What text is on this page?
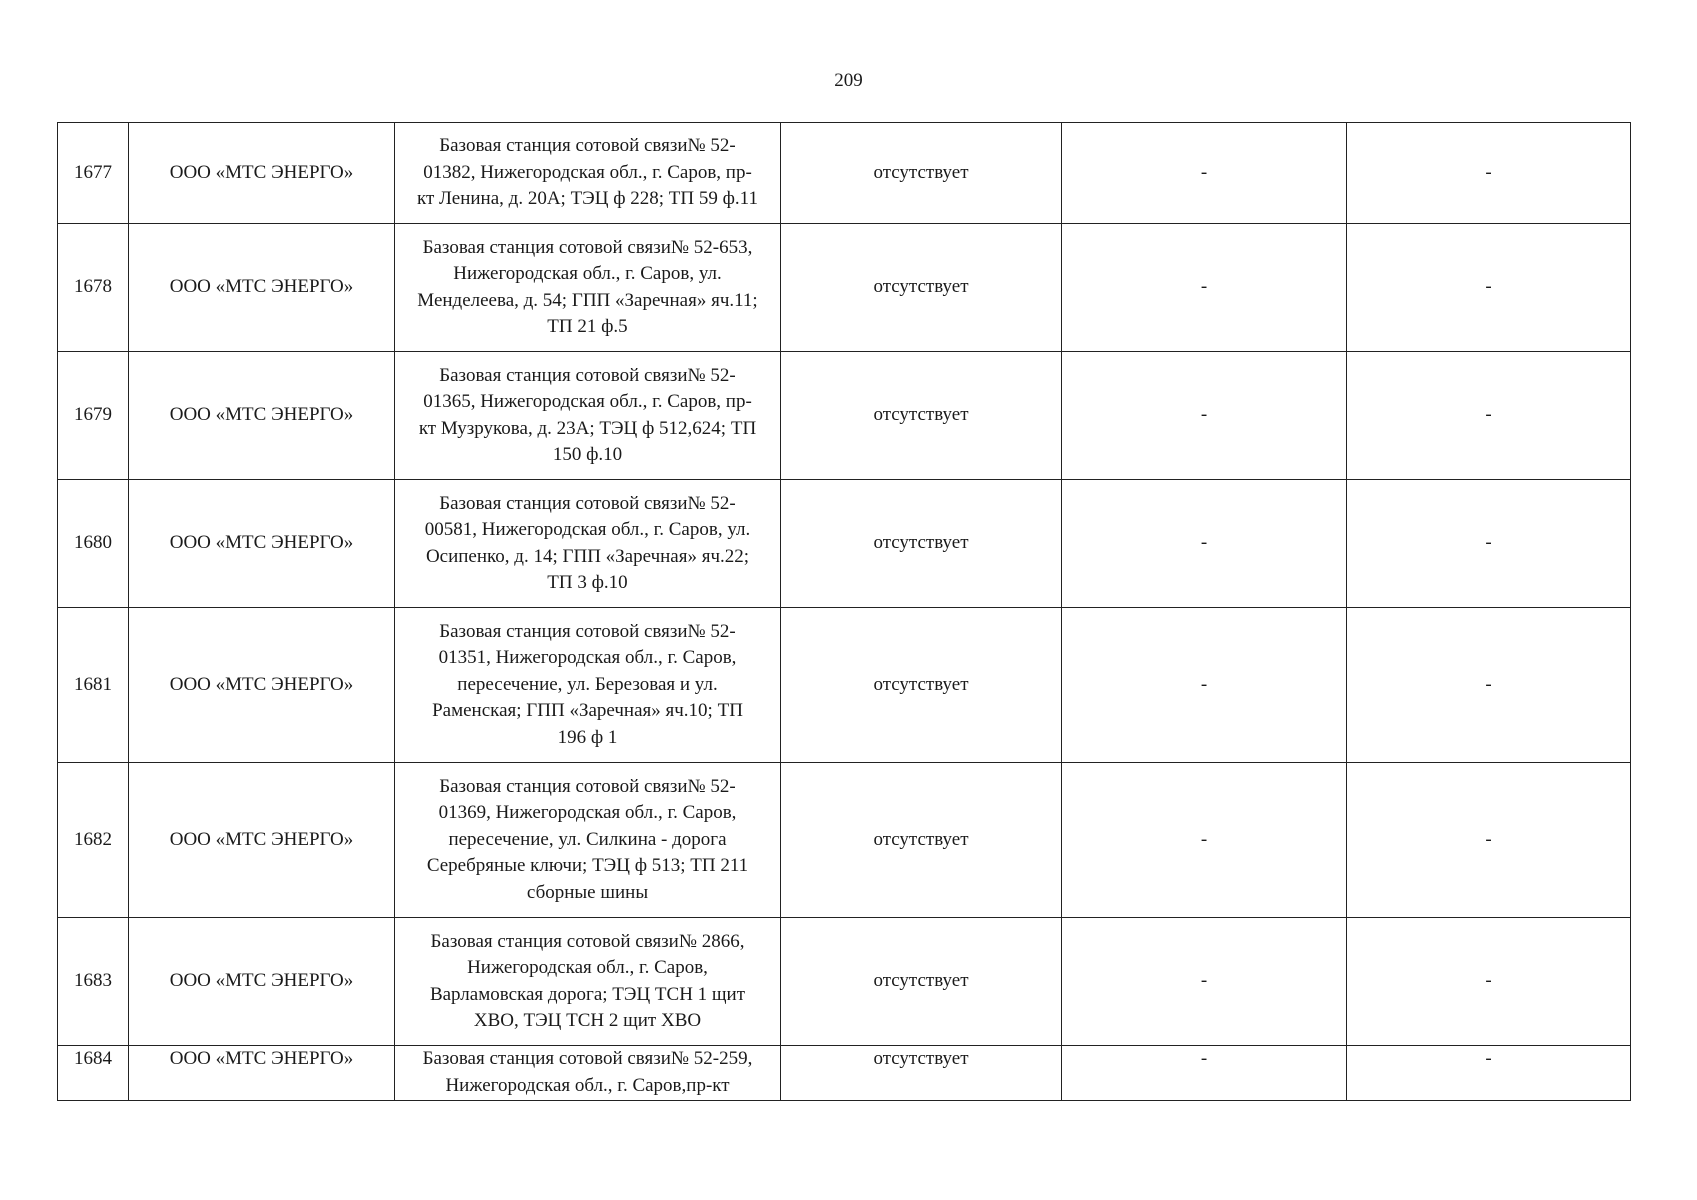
209
1677	ООО «МТС ЭНЕРГО»	Базовая станция сотовой связи№ 52-
01382, Нижегородская обл., г. Саров, пр-
кт Ленина, д. 20А; ТЭЦ ф 228; ТП 59 ф.11	отсутствует	-	-
1678	ООО «МТС ЭНЕРГО»	Базовая станция сотовой связи№ 52-653,
Нижегородская обл., г. Саров, ул.
Менделеева, д. 54; ГПП «Заречная» яч.11;
ТП 21 ф.5	отсутствует	-	-
1679	ООО «МТС ЭНЕРГО»	Базовая станция сотовой связи№ 52-
01365, Нижегородская обл., г. Саров, пр-
кт Музрукова, д. 23А; ТЭЦ ф 512,624; ТП
150 ф.10	отсутствует	-	-
1680	ООО «МТС ЭНЕРГО»	Базовая станция сотовой связи№ 52-
00581, Нижегородская обл., г. Саров, ул.
Осипенко, д. 14; ГПП «Заречная» яч.22;
ТП 3 ф.10	отсутствует	-	-
1681	ООО «МТС ЭНЕРГО»	Базовая станция сотовой связи№ 52-
01351, Нижегородская обл., г. Саров,
пересечение, ул. Березовая и ул.
Раменская; ГПП «Заречная» яч.10; ТП
196 ф 1	отсутствует	-	-
1682	ООО «МТС ЭНЕРГО»	Базовая станция сотовой связи№ 52-
01369, Нижегородская обл., г. Саров,
пересечение, ул. Силкина - дорога
Серебряные ключи; ТЭЦ ф 513; ТП 211
сборные шины	отсутствует	-	-
1683	ООО «МТС ЭНЕРГО»	Базовая станция сотовой связи№ 2866,
Нижегородская обл., г. Саров,
Варламовская дорога; ТЭЦ ТСН 1 щит
ХВО, ТЭЦ ТСН 2 щит ХВО	отсутствует	-	-
1684	ООО «МТС ЭНЕРГО»	Базовая станция сотовой связи№ 52-259,
Нижегородская обл., г. Саров,пр-кт	отсутствует	-	-
